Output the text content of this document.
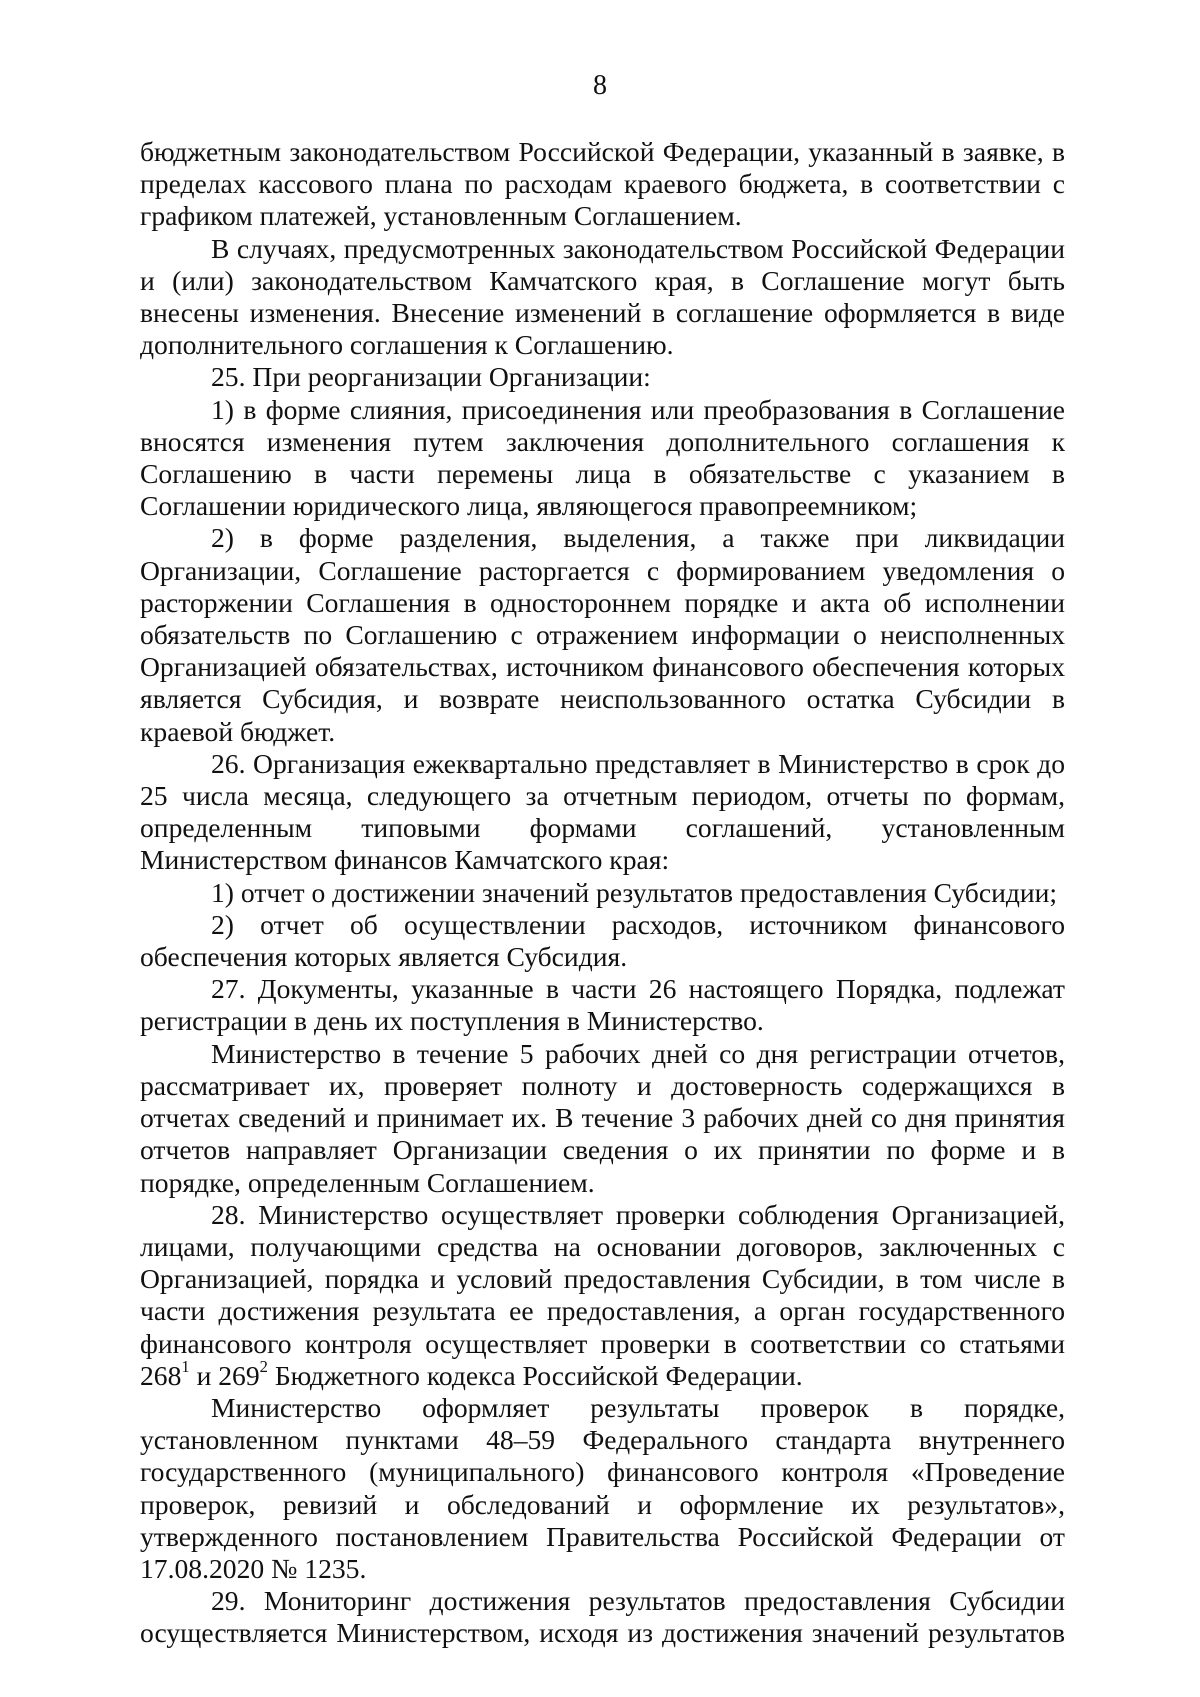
8

бюджетным законодательством Российской Федерации, указанный в заявке, в пределах кассового плана по расходам краевого бюджета, в соответствии с графиком платежей, установленным Соглашением.

В случаях, предусмотренных законодательством Российской Федерации и (или) законодательством Камчатского края, в Соглашение могут быть внесены изменения. Внесение изменений в соглашение оформляется в виде дополнительного соглашения к Соглашению.

25. При реорганизации Организации:

1) в форме слияния, присоединения или преобразования в Соглашение вносятся изменения путем заключения дополнительного соглашения к Соглашению в части перемены лица в обязательстве с указанием в Соглашении юридического лица, являющегося правопреемником;

2) в форме разделения, выделения, а также при ликвидации Организации, Соглашение расторгается с формированием уведомления о расторжении Соглашения в одностороннем порядке и акта об исполнении обязательств по Соглашению с отражением информации о неисполненных Организацией обязательствах, источником финансового обеспечения которых является Субсидия, и возврате неиспользованного остатка Субсидии в краевой бюджет.

26. Организация ежеквартально представляет в Министерство в срок до 25 числа месяца, следующего за отчетным периодом, отчеты по формам, определенным типовыми формами соглашений, установленным Министерством финансов Камчатского края:

1) отчет о достижении значений результатов предоставления Субсидии;

2) отчет об осуществлении расходов, источником финансового обеспечения которых является Субсидия.

27. Документы, указанные в части 26 настоящего Порядка, подлежат регистрации в день их поступления в Министерство.

Министерство в течение 5 рабочих дней со дня регистрации отчетов, рассматривает их, проверяет полноту и достоверность содержащихся в отчетах сведений и принимает их. В течение 3 рабочих дней со дня принятия отчетов направляет Организации сведения о их принятии по форме и в порядке, определенным Соглашением.

28. Министерство осуществляет проверки соблюдения Организацией, лицами, получающими средства на основании договоров, заключенных с Организацией, порядка и условий предоставления Субсидии, в том числе в части достижения результата ее предоставления, а орган государственного финансового контроля осуществляет проверки в соответствии со статьями $268^1$ и $269^2$ Бюджетного кодекса Российской Федерации.

Министерство оформляет результаты проверок в порядке, установленном пунктами 48–59 Федерального стандарта внутреннего государственного (муниципального) финансового контроля «Проведение проверок, ревизий и обследований и оформление их результатов», утвержденного постановлением Правительства Российской Федерации от 17.08.2020 № 1235.

29. Мониторинг достижения результатов предоставления Субсидии осуществляется Министерством, исходя из достижения значений результатов
